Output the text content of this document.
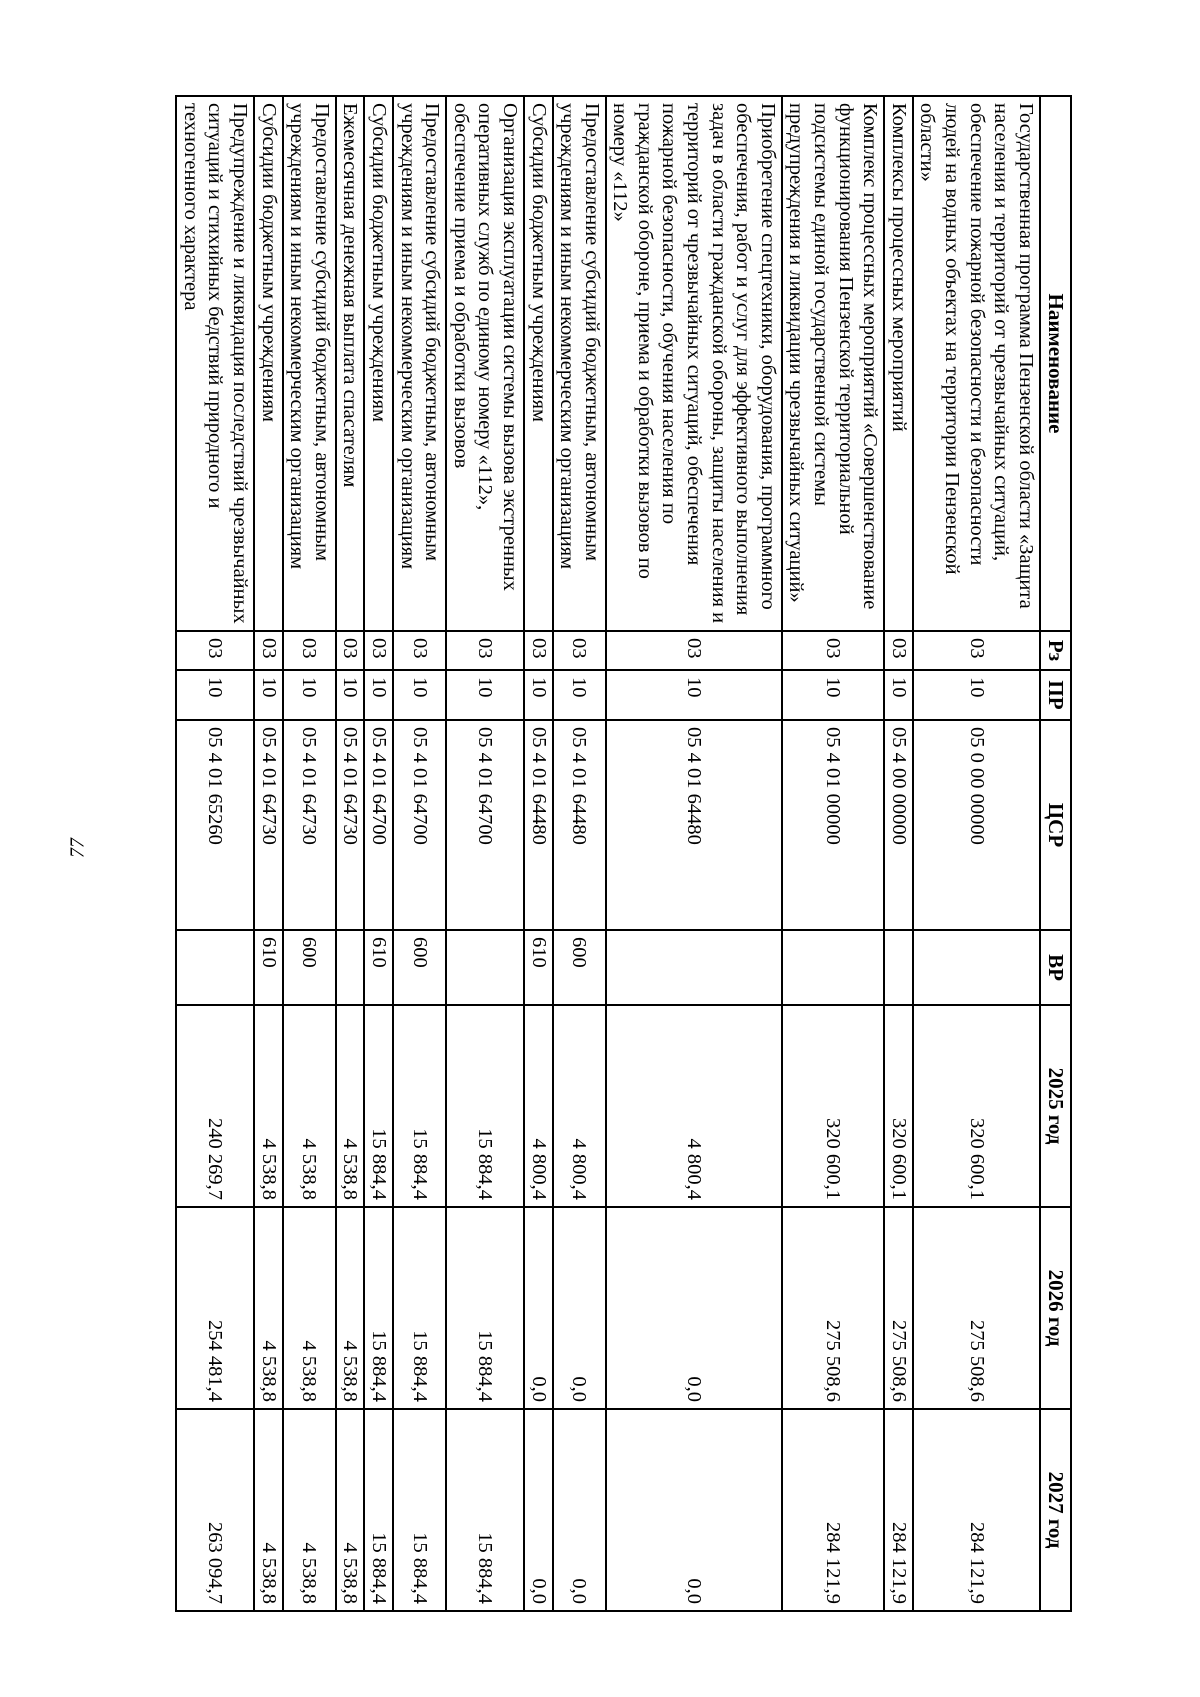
77
Наименование	Рз	ПР	ЦСР	ВР	2025 год	2026 год	2027 год
Государственная программа Пензенской области «Защита населения и территорий от чрезвычайных ситуаций, обеспечение пожарной безопасности и безопасности людей на водных объектах на территории Пензенской области»	03	10	05 0 00 00000		320 600,1	275 508,6	284 121,9
Комплексы процессных мероприятий	03	10	05 4 00 00000		320 600,1	275 508,6	284 121,9
Комплекс процессных мероприятий «Совершенствование функционирования Пензенской территориальной подсистемы единой государственной системы предупреждения и ликвидации чрезвычайных ситуаций»	03	10	05 4 01 00000		320 600,1	275 508,6	284 121,9
Приобретение спецтехники, оборудования, программного обеспечения, работ и услуг для эффективного выполнения задач в области гражданской обороны, защиты населения и территорий от чрезвычайных ситуаций, обеспечения пожарной безопасности, обучения населения по гражданской обороне, приема и обработки вызовов по номеру «112»	03	10	05 4 01 64480		4 800,4	0,0	0,0
Предоставление субсидий бюджетным, автономным учреждениям и иным некоммерческим организациям	03	10	05 4 01 64480	600	4 800,4	0,0	0,0
Субсидии бюджетным учреждениям	03	10	05 4 01 64480	610	4 800,4	0,0	0,0
Организация эксплуатации системы вызова экстренных оперативных служб по единому номеру «112», обеспечение приема и обработки вызовов	03	10	05 4 01 64700		15 884,4	15 884,4	15 884,4
Предоставление субсидий бюджетным, автономным учреждениям и иным некоммерческим организациям	03	10	05 4 01 64700	600	15 884,4	15 884,4	15 884,4
Субсидии бюджетным учреждениям	03	10	05 4 01 64700	610	15 884,4	15 884,4	15 884,4
Ежемесячная денежная выплата спасателям	03	10	05 4 01 64730		4 538,8	4 538,8	4 538,8
Предоставление субсидий бюджетным, автономным учреждениям и иным некоммерческим организациям	03	10	05 4 01 64730	600	4 538,8	4 538,8	4 538,8
Субсидии бюджетным учреждениям	03	10	05 4 01 64730	610	4 538,8	4 538,8	4 538,8
Предупреждение и ликвидация последствий чрезвычайных ситуаций и стихийных бедствий природного и техногенного характера	03	10	05 4 01 65260		240 269,7	254 481,4	263 094,7
